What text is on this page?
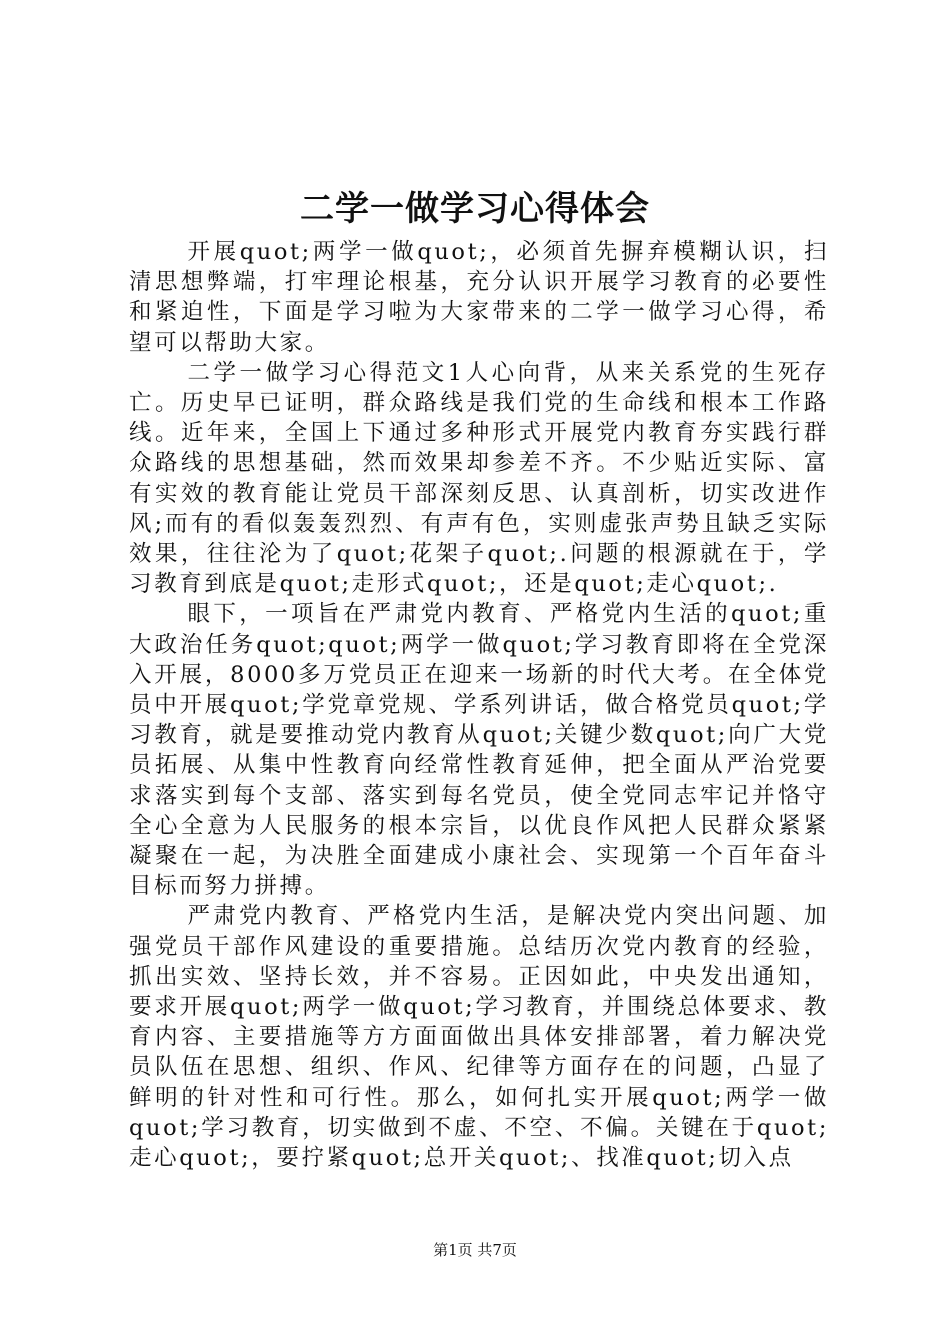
二学一做学习心得体会

开展quot;两学一做quot;，必须首先摒弃模糊认识，扫清思想弊端，打牢理论根基，充分认识开展学习教育的必要性和紧迫性，下面是学习啦为大家带来的二学一做学习心得，希望可以帮助大家。

二学一做学习心得范文1人心向背，从来关系党的生死存亡。历史早已证明，群众路线是我们党的生命线和根本工作路线。近年来，全国上下通过多种形式开展党内教育夯实践行群众路线的思想基础，然而效果却参差不齐。不少贴近实际、富有实效的教育能让党员干部深刻反思、认真剖析，切实改进作风;而有的看似轰轰烈烈、有声有色，实则虚张声势且缺乏实际效果，往往沦为了quot;花架子quot;.问题的根源就在于，学习教育到底是quot;走形式quot;，还是quot;走心quot;.

眼下，一项旨在严肃党内教育、严格党内生活的quot;重大政治任务quot;quot;两学一做quot;学习教育即将在全党深入开展，8000多万党员正在迎来一场新的时代大考。在全体党员中开展quot;学党章党规、学系列讲话，做合格党员quot;学习教育，就是要推动党内教育从quot;关键少数quot;向广大党员拓展、从集中性教育向经常性教育延伸，把全面从严治党要求落实到每个支部、落实到每名党员，使全党同志牢记并恪守全心全意为人民服务的根本宗旨，以优良作风把人民群众紧紧凝聚在一起，为决胜全面建成小康社会、实现第一个百年奋斗目标而努力拼搏。

严肃党内教育、严格党内生活，是解决党内突出问题、加强党员干部作风建设的重要措施。总结历次党内教育的经验，抓出实效、坚持长效，并不容易。正因如此，中央发出通知，要求开展quot;两学一做quot;学习教育，并围绕总体要求、教育内容、主要措施等方方面面做出具体安排部署，着力解决党员队伍在思想、组织、作风、纪律等方面存在的问题，凸显了鲜明的针对性和可行性。那么，如何扎实开展quot;两学一做quot;学习教育，切实做到不虚、不空、不偏。关键在于quot;走心quot;，要拧紧quot;总开关quot;、找准quot;切入点

第1页 共7页
